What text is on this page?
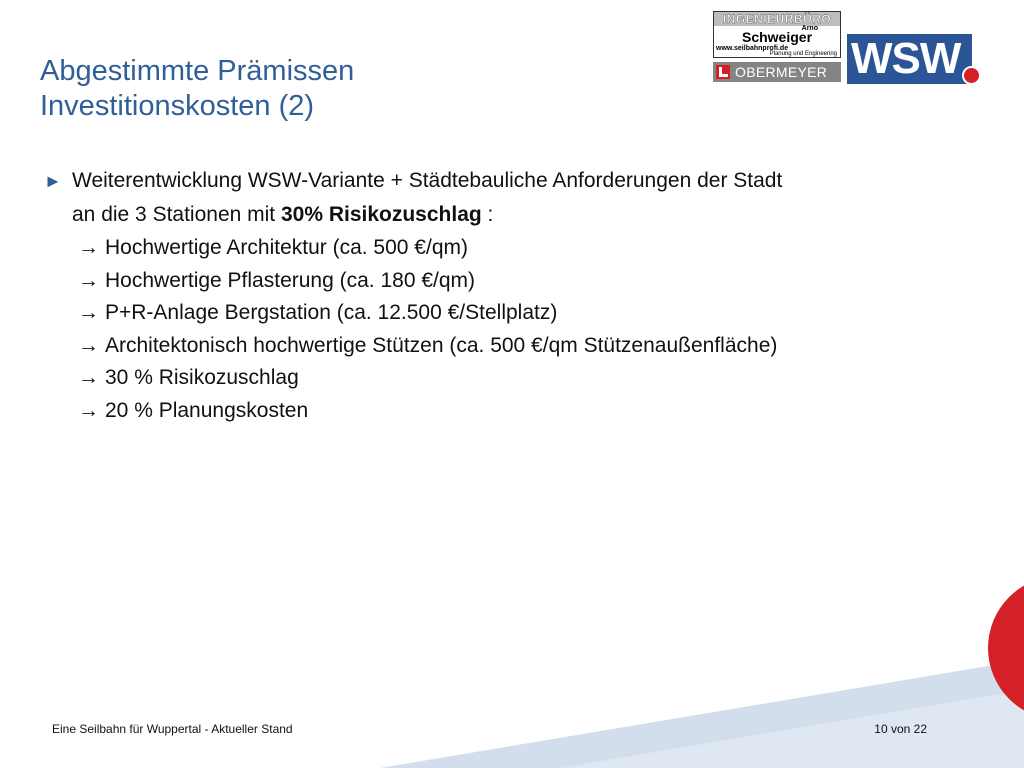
Abgestimmte Prämissen
Investitionskosten (2)
INGENIEURBÜRO
Arno
Schweiger
www.seilbahnprofi.de
Planung und Engineering
OBERMEYER WSW
► Weiterentwicklung WSW-Variante + Städtebauliche Anforderungen der Stadt
an die 3 Stationen mit 30% Risikozuschlag :
→ Hochwertige Architektur (ca. 500 €/qm)
→ Hochwertige Pflasterung (ca. 180 €/qm)
→ P+R-Anlage Bergstation (ca. 12.500 €/Stellplatz)
→ Architektonisch hochwertige Stützen (ca. 500 €/qm Stützenaußenfläche)
→ 30 % Risikozuschlag
→ 20 % Planungskosten
Eine Seilbahn für Wuppertal - Aktueller Stand	10 von 22
